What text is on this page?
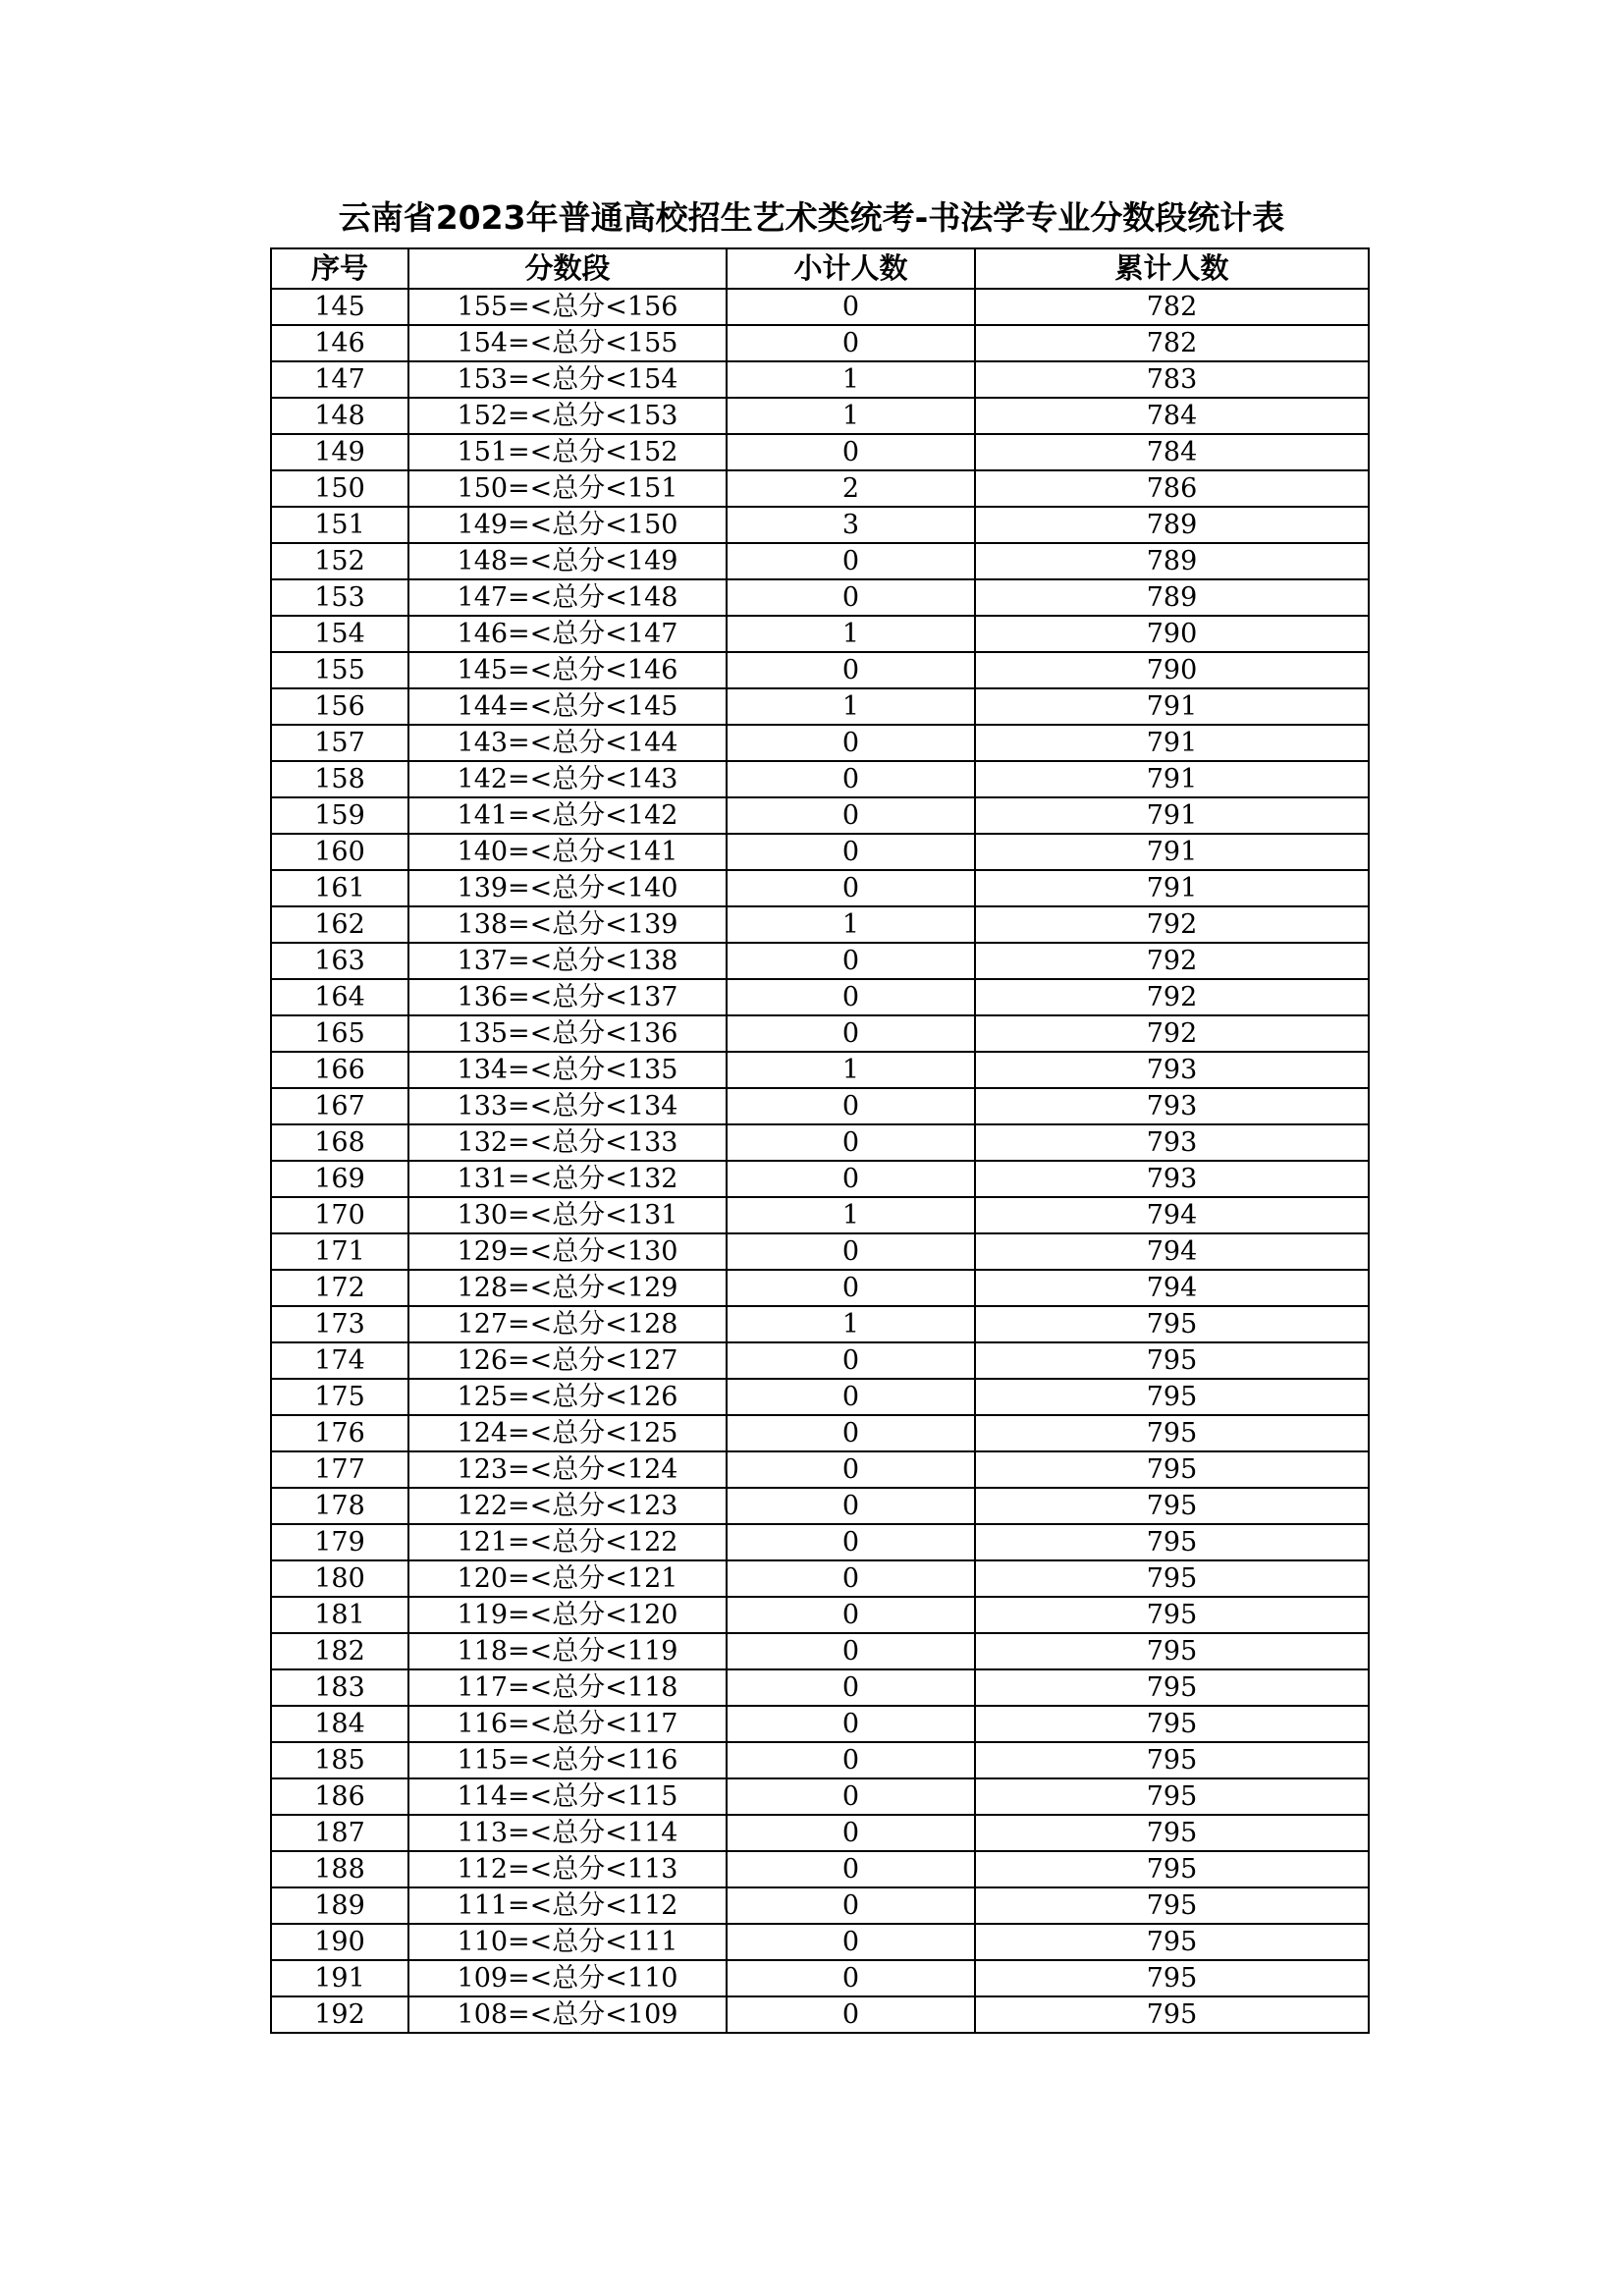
云南省2023年普通高校招生艺术类统考-书法学专业分数段统计表
序号	分数段	小计人数	累计人数
145	155=<总分<156	0	782
146	154=<总分<155	0	782
147	153=<总分<154	1	783
148	152=<总分<153	1	784
149	151=<总分<152	0	784
150	150=<总分<151	2	786
151	149=<总分<150	3	789
152	148=<总分<149	0	789
153	147=<总分<148	0	789
154	146=<总分<147	1	790
155	145=<总分<146	0	790
156	144=<总分<145	1	791
157	143=<总分<144	0	791
158	142=<总分<143	0	791
159	141=<总分<142	0	791
160	140=<总分<141	0	791
161	139=<总分<140	0	791
162	138=<总分<139	1	792
163	137=<总分<138	0	792
164	136=<总分<137	0	792
165	135=<总分<136	0	792
166	134=<总分<135	1	793
167	133=<总分<134	0	793
168	132=<总分<133	0	793
169	131=<总分<132	0	793
170	130=<总分<131	1	794
171	129=<总分<130	0	794
172	128=<总分<129	0	794
173	127=<总分<128	1	795
174	126=<总分<127	0	795
175	125=<总分<126	0	795
176	124=<总分<125	0	795
177	123=<总分<124	0	795
178	122=<总分<123	0	795
179	121=<总分<122	0	795
180	120=<总分<121	0	795
181	119=<总分<120	0	795
182	118=<总分<119	0	795
183	117=<总分<118	0	795
184	116=<总分<117	0	795
185	115=<总分<116	0	795
186	114=<总分<115	0	795
187	113=<总分<114	0	795
188	112=<总分<113	0	795
189	111=<总分<112	0	795
190	110=<总分<111	0	795
191	109=<总分<110	0	795
192	108=<总分<109	0	795
